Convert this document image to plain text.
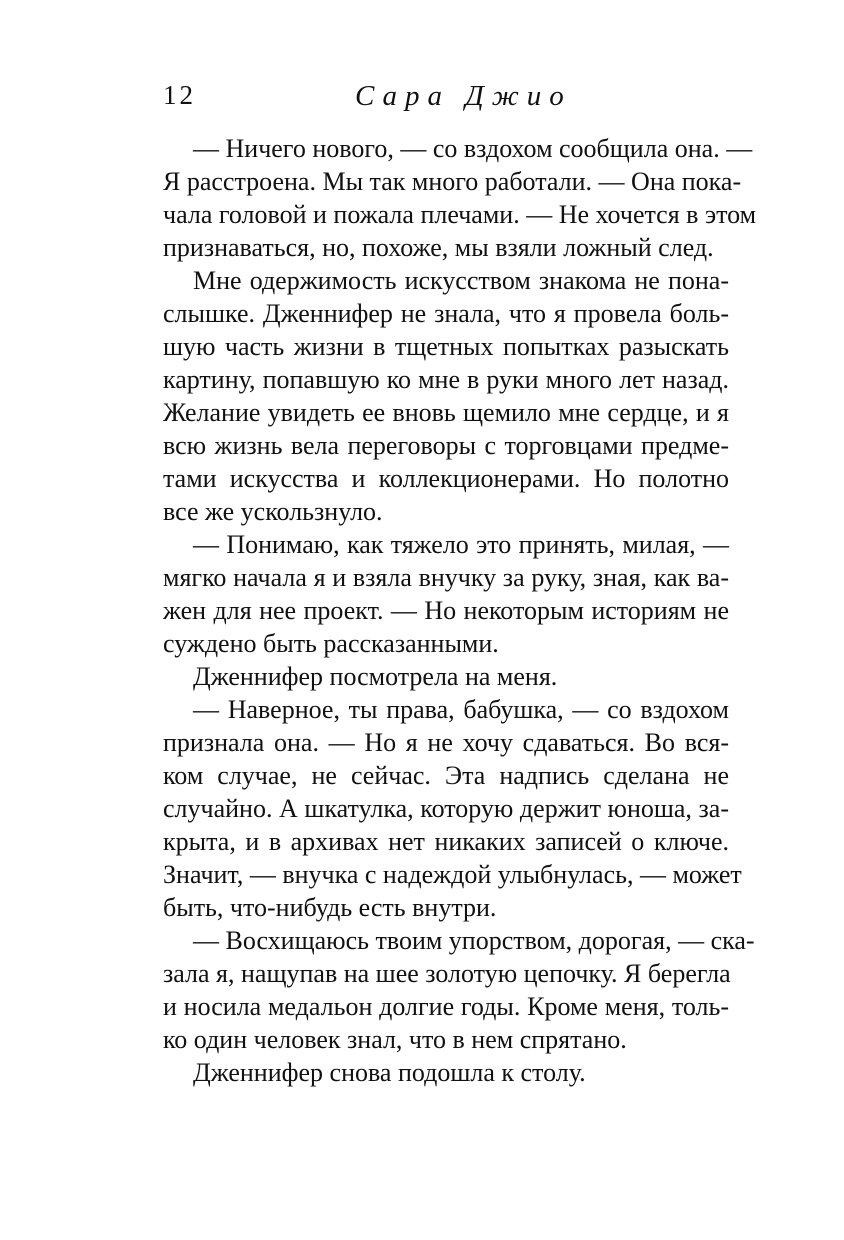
12	Сара Джио
— Ничего нового, — со вздохом сообщила она. —
Я расстроена. Мы так много работали. — Она пока-
чала головой и пожала плечами. — Не хочется в этом
признаваться, но, похоже, мы взяли ложный след.
Мне одержимость искусством знакома не пона-
слышке. Дженнифер не знала, что я провела боль-
шую часть жизни в тщетных попытках разыскать
картину, попавшую ко мне в руки много лет назад.
Желание увидеть ее вновь щемило мне сердце, и я
всю жизнь вела переговоры с торговцами предме-
тами искусства и коллекционерами. Но полотно
все же ускользнуло.
— Понимаю, как тяжело это принять, милая, —
мягко начала я и взяла внучку за руку, зная, как ва-
жен для нее проект. — Но некоторым историям не
суждено быть рассказанными.
Дженнифер посмотрела на меня.
— Наверное, ты права, бабушка, — со вздохом
признала она. — Но я не хочу сдаваться. Во вся-
ком случае, не сейчас. Эта надпись сделана не
случайно. А шкатулка, которую держит юноша, за-
крыта, и в архивах нет никаких записей о ключе.
Значит, — внучка с надеждой улыбнулась, — может
быть, что-нибудь есть внутри.
— Восхищаюсь твоим упорством, дорогая, — ска-
зала я, нащупав на шее золотую цепочку. Я берегла
и носила медальон долгие годы. Кроме меня, толь-
ко один человек знал, что в нем спрятано.
Дженнифер снова подошла к столу.
